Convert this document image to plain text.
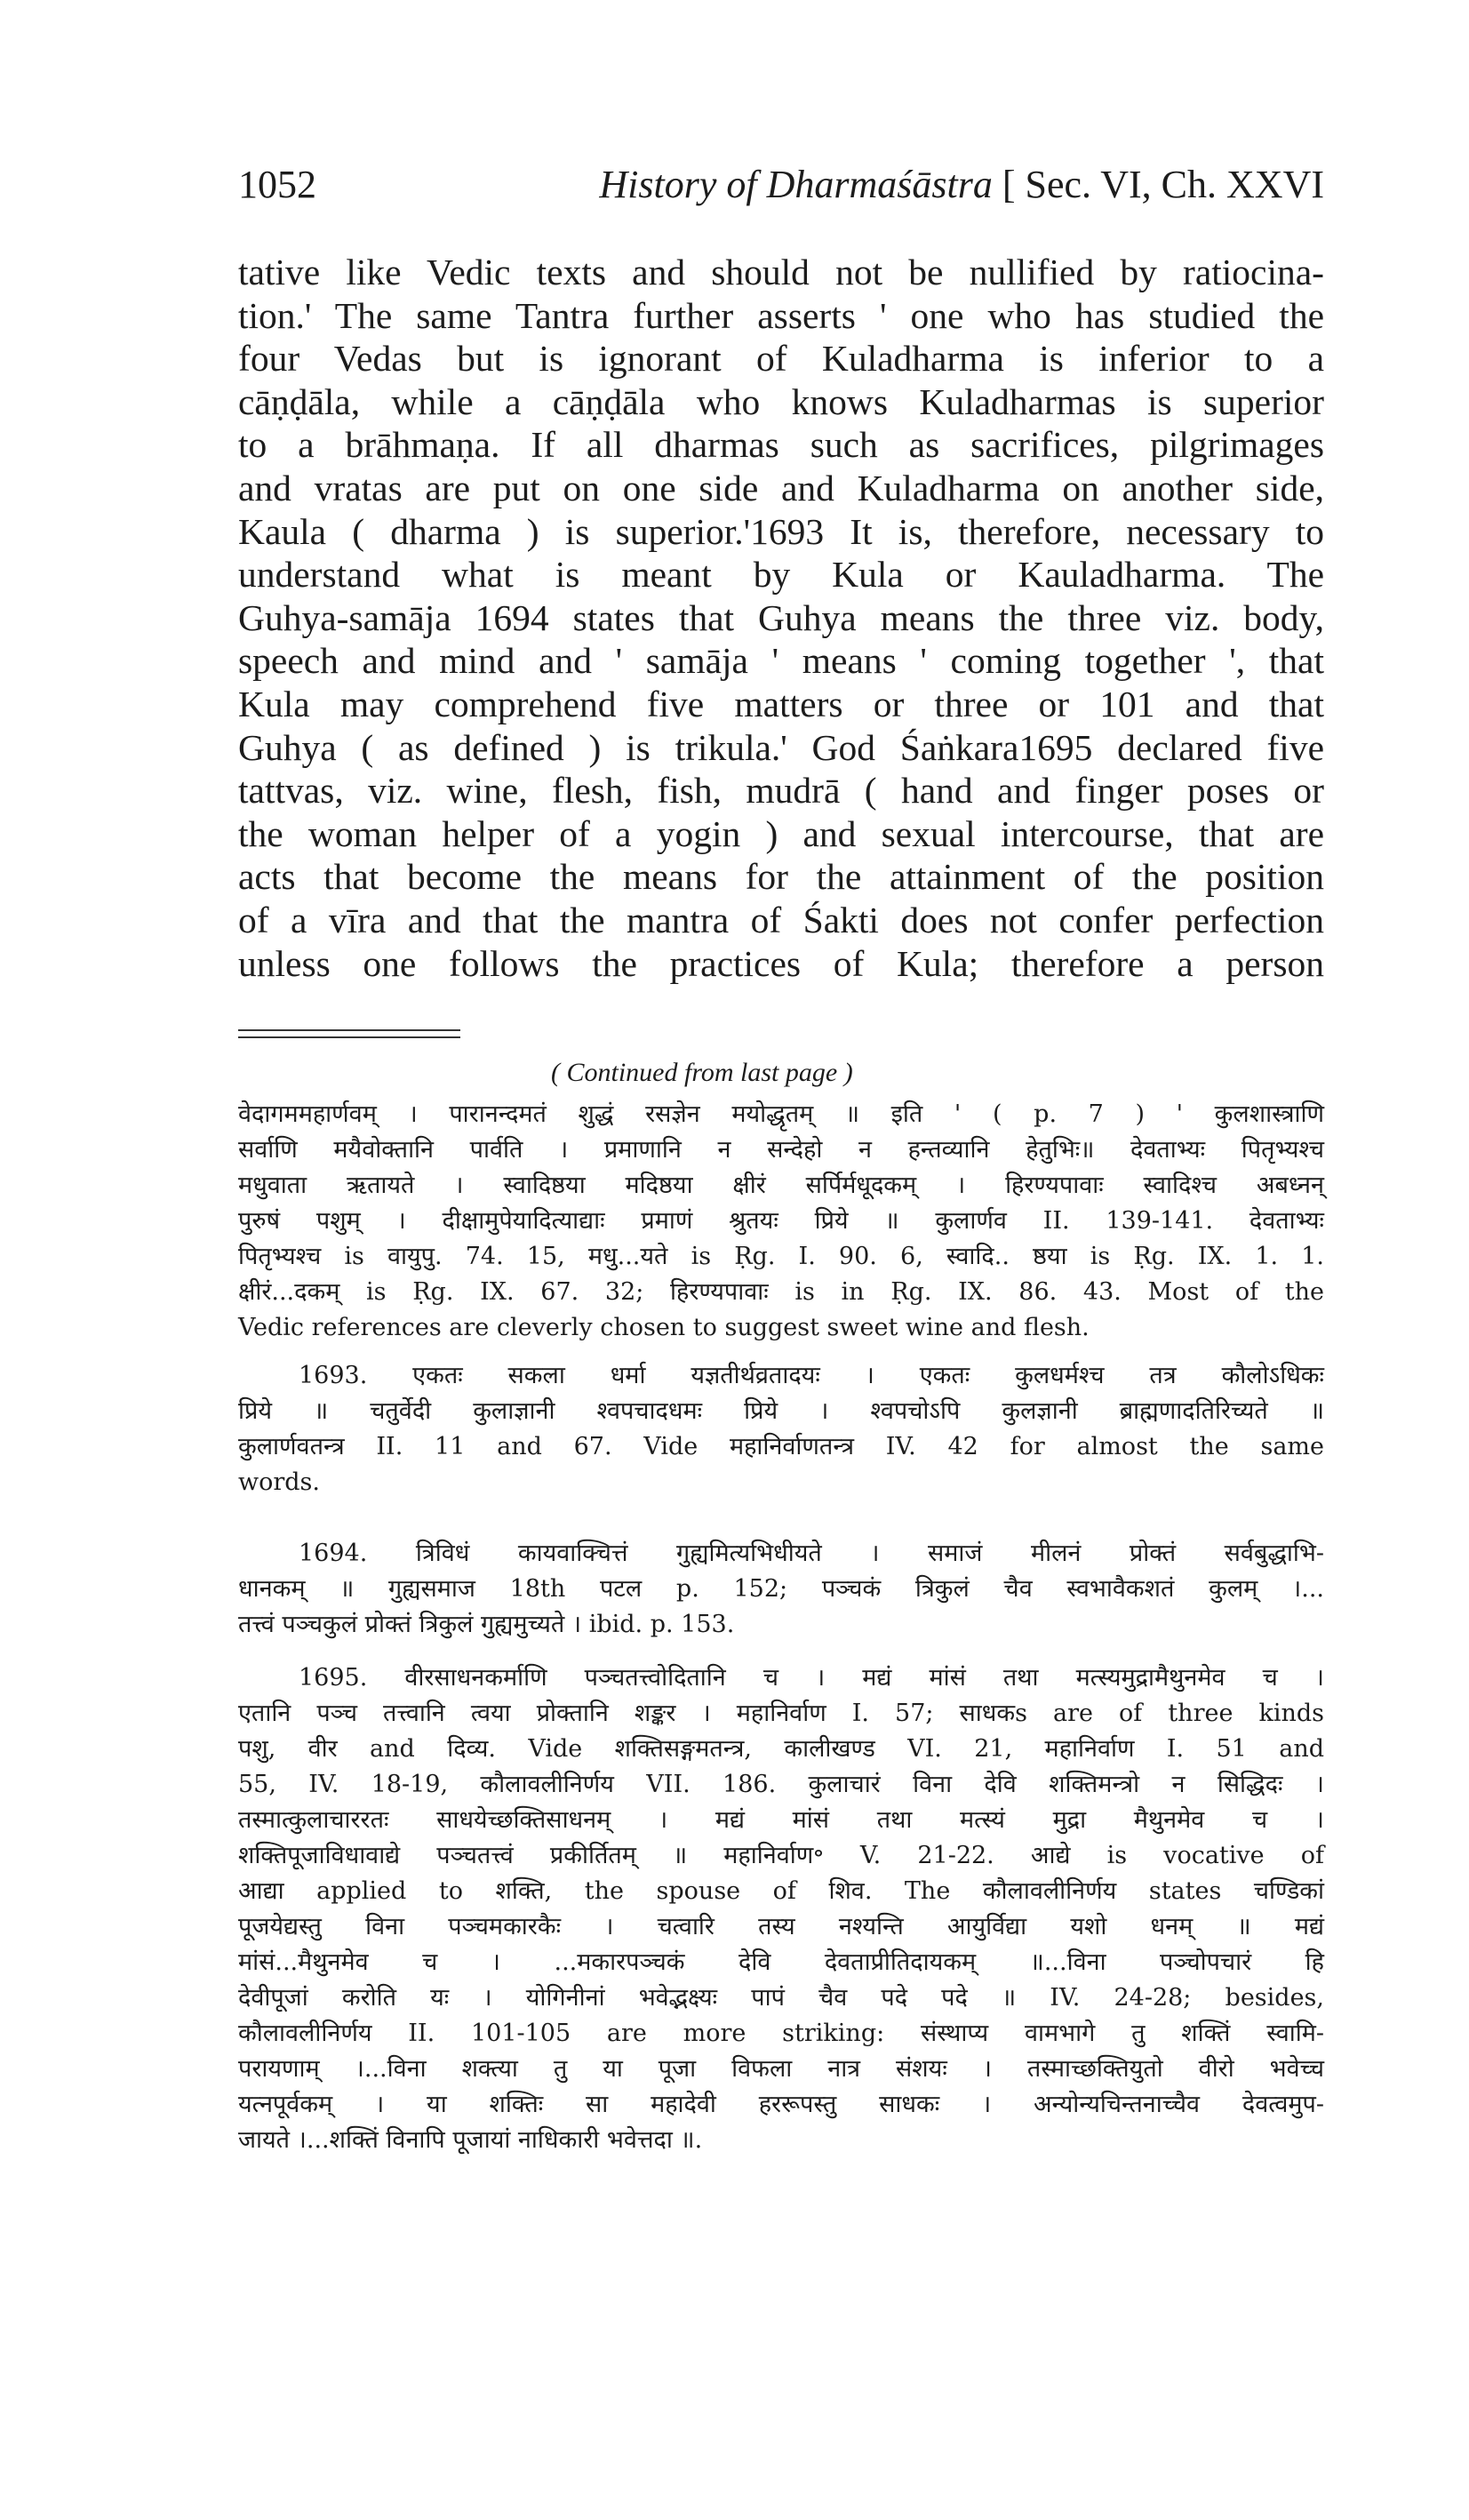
1052	History of Dharmaśāstra [ Sec. VI, Ch. XXVI
tative like Vedic texts and should not be nullified by ratiocina-
tion.' The same Tantra further asserts ' one who has studied the
four Vedas but is ignorant of Kuladharma is inferior to a
cāṇḍāla, while a cāṇḍāla who knows Kuladharmas is superior
to a brāhmaṇa. If all dharmas such as sacrifices, pilgrimages
and vratas are put on one side and Kuladharma on another side,
Kaula ( dharma ) is superior.'1693 It is, therefore, necessary to
understand what is meant by Kula or Kauladharma. The
Guhya-samāja 1694 states that Guhya means the three viz. body,
speech and mind and ' samāja ' means ' coming together ', that
Kula may comprehend five matters or three or 101 and that
Guhya ( as defined ) is trikula.' God Śaṅkara1695 declared five
tattvas, viz. wine, flesh, fish, mudrā ( hand and finger poses or
the woman helper of a yogin ) and sexual intercourse, that are
acts that become the means for the attainment of the position
of a vīra and that the mantra of Śakti does not confer perfection
unless one follows the practices of Kula; therefore a person
( Continued from last page )
वेदागममहार्णवम् । पारानन्दमतं शुद्धं रसज्ञेन मयोद्धृतम् ॥ इति ' ( p. 7 ) ' कुलशास्त्राणि
सर्वाणि मयैवोक्तानि पार्वति । प्रमाणानि न सन्देहो न हन्तव्यानि हेतुभिः॥ देवताभ्यः पितृभ्यश्च
मधुवाता ऋतायते । स्वादिष्ठया मदिष्ठया क्षीरं सर्पिर्मधूदकम् । हिरण्यपावाः स्वादिश्च अबध्नन्
पुरुषं पशुम् । दीक्षामुपेयादित्याद्याः प्रमाणं श्रुतयः प्रिये ॥ कुलार्णव II. 139-141. देवताभ्यः
पितृभ्यश्च is वायुपु. 74. 15, मधु...यते is Ṛg. I. 90. 6, स्वादि.. ष्ठया is Ṛg. IX. 1. 1.
क्षीरं...दकम् is Ṛg. IX. 67. 32; हिरण्यपावाः is in Ṛg. IX. 86. 43. Most of the
Vedic references are cleverly chosen to suggest sweet wine and flesh.
1693. एकतः सकला धर्मा यज्ञतीर्थव्रतादयः । एकतः कुलधर्मश्च तत्र कौलोऽधिकः
प्रिये ॥ चतुर्वेदी कुलाज्ञानी श्वपचादधमः प्रिये । श्वपचोऽपि कुलज्ञानी ब्राह्मणादतिरिच्यते ॥
कुलार्णवतन्त्र II. 11 and 67. Vide महानिर्वाणतन्त्र IV. 42 for almost the same
words.
1694. त्रिविधं कायवाक्चित्तं गुह्यमित्यभिधीयते । समाजं मीलनं प्रोक्तं सर्वबुद्धाभि-
धानकम् ॥ गुह्यसमाज 18th पटल p. 152; पञ्चकं त्रिकुलं चैव स्वभावैकशतं कुलम् ।...
तत्त्वं पञ्चकुलं प्रोक्तं त्रिकुलं गुह्यमुच्यते । ibid. p. 153.
1695. वीरसाधनकर्माणि पञ्चतत्त्वोदितानि च । मद्यं मांसं तथा मत्स्यमुद्रामैथुनमेव च ।
एतानि पञ्च तत्त्वानि त्वया प्रोक्तानि शङ्कर । महानिर्वाण I. 57; साधकs are of three kinds
पशु, वीर and दिव्य. Vide शक्तिसङ्गमतन्त्र, कालीखण्ड VI. 21, महानिर्वाण I. 51 and
55, IV. 18-19, कौलावलीनिर्णय VII. 186. कुलाचारं विना देवि शक्तिमन्त्रो न सिद्धिदः ।
तस्मात्कुलाचाररतः साधयेच्छक्तिसाधनम् । मद्यं मांसं तथा मत्स्यं मुद्रा मैथुनमेव च ।
शक्तिपूजाविधावाद्ये पञ्चतत्त्वं प्रकीर्तितम् ॥ महानिर्वाण॰ V. 21-22. आद्ये is vocative of
आद्या applied to शक्ति, the spouse of शिव. The कौलावलीनिर्णय states चण्डिकां
पूजयेद्यस्तु विना पञ्चमकारकैः । चत्वारि तस्य नश्यन्ति आयुर्विद्या यशो धनम् ॥ मद्यं
मांसं...मैथुनमेव च । ...मकारपञ्चकं देवि देवताप्रीतिदायकम् ॥...विना पञ्चोपचारं हि
देवीपूजां करोति यः । योगिनीनां भवेद्भक्ष्यः पापं चैव पदे पदे ॥ IV. 24-28; besides,
कौलावलीनिर्णय II. 101-105 are more striking: संस्थाप्य वामभागे तु शक्तिं स्वामि-
परायणाम् ।...विना शक्त्या तु या पूजा विफला नात्र संशयः । तस्माच्छक्तियुतो वीरो भवेच्च
यत्नपूर्वकम् । या शक्तिः सा महादेवी हररूपस्तु साधकः । अन्योन्यचिन्तनाच्चैव देवत्वमुप-
जायते ।...शक्तिं विनापि पूजायां नाधिकारी भवेत्तदा ॥.
